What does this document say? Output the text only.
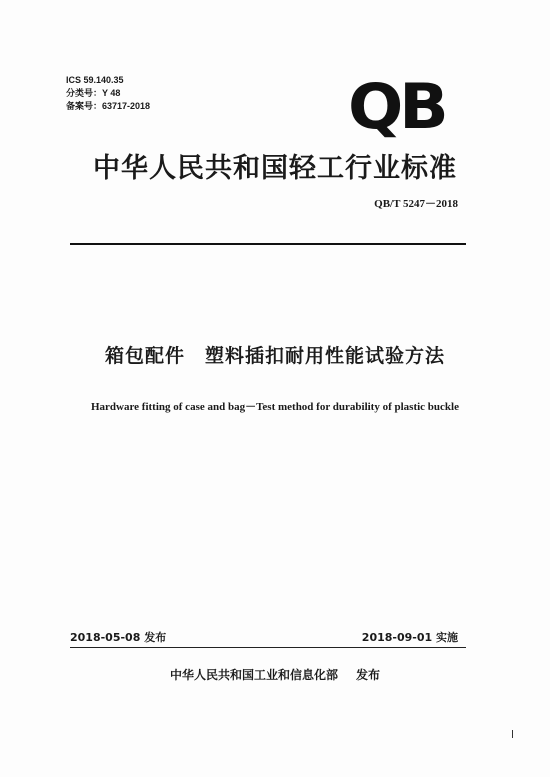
ICS 59.140.35
分类号：Y 48
备案号：63717-2018	QB
中华人民共和国轻工行业标准
QB/T 5247－2018
箱包配件　塑料插扣耐用性能试验方法
Hardware fitting of case and bag－Test method for durability of plastic buckle
2018-05-08 发布	2018-09-01 实施
中华人民共和国工业和信息化部 发布
